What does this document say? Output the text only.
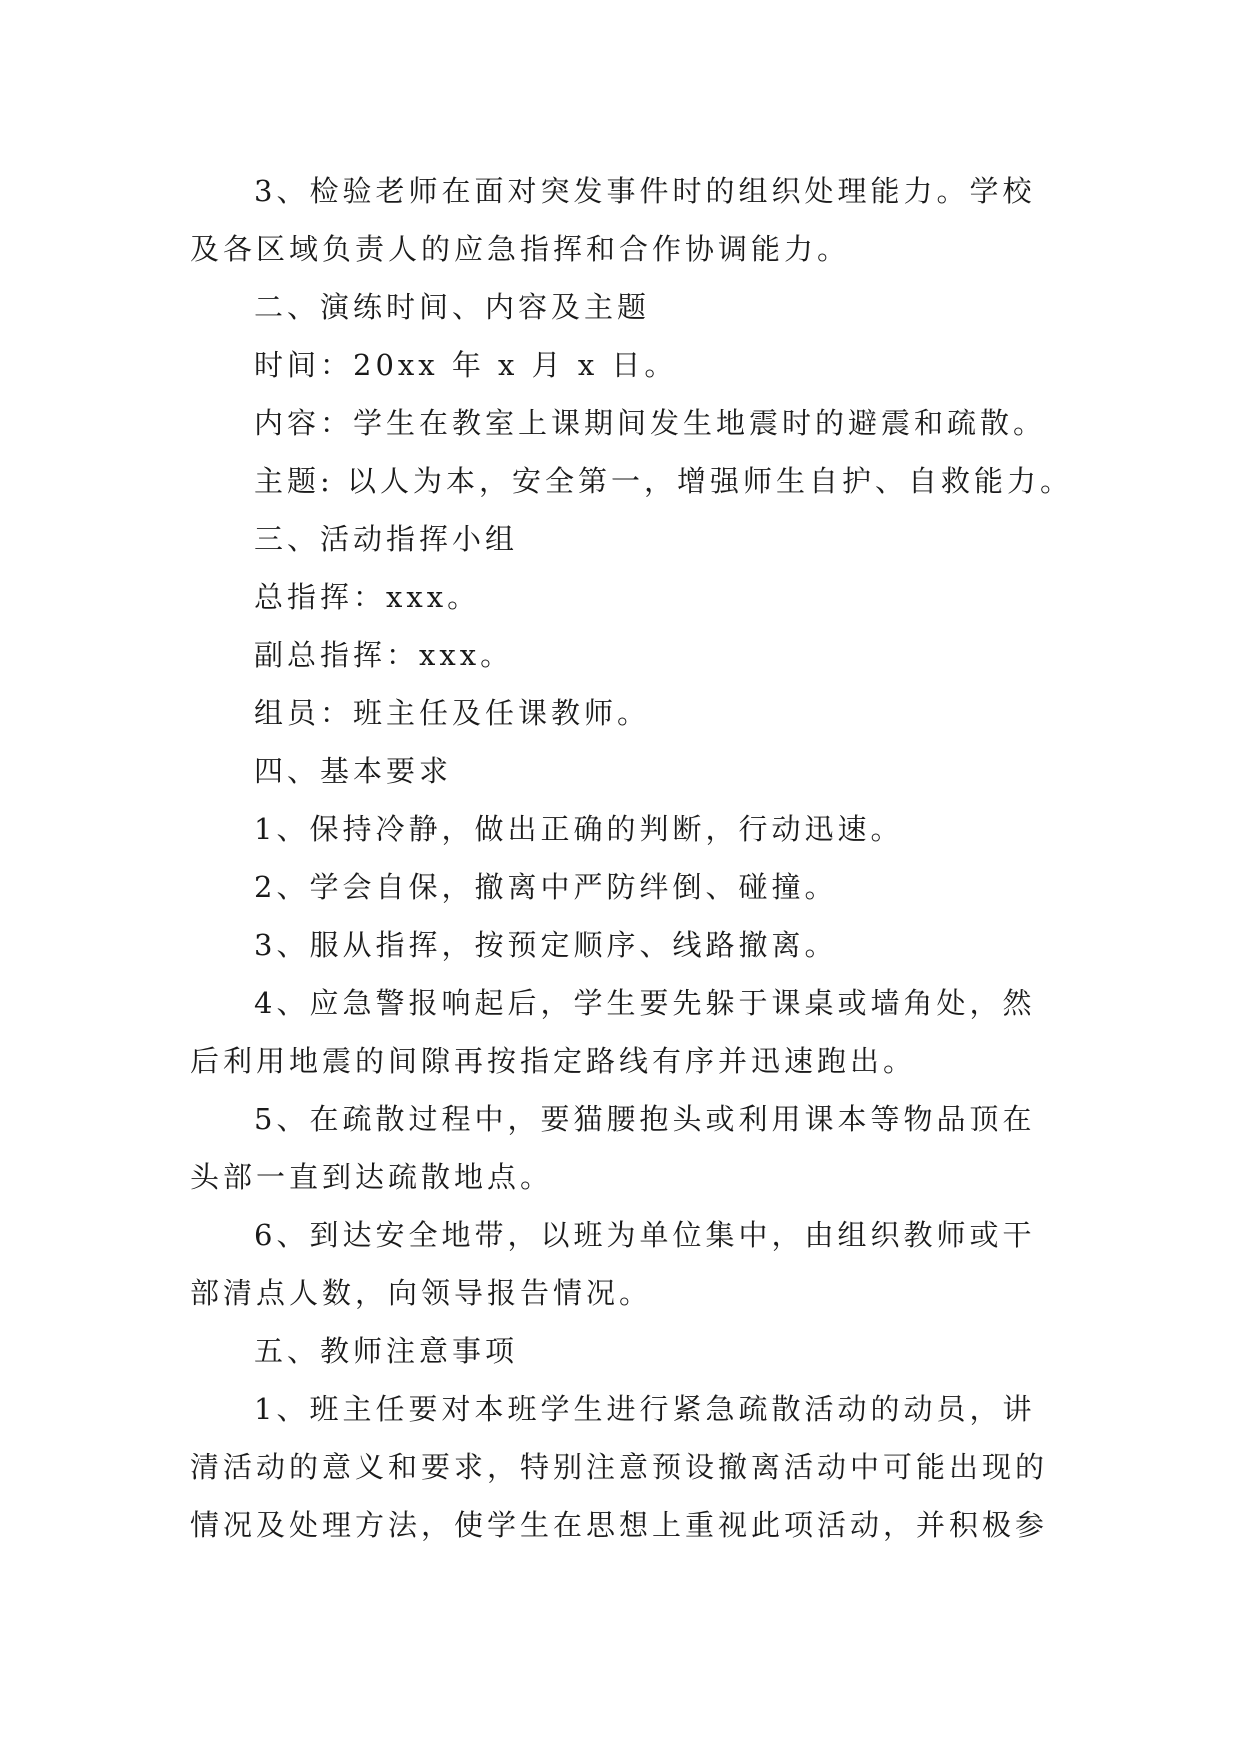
3、检验老师在面对突发事件时的组织处理能力。学校
及各区域负责人的应急指挥和合作协调能力。
二、演练时间、内容及主题
时间：20xx 年 x 月 x 日。
内容：学生在教室上课期间发生地震时的避震和疏散。
主题: 以人为本，安全第一，增强师生自护、自救能力。
三、活动指挥小组
总指挥：xxx。
副总指挥：xxx。
组员：班主任及任课教师。
四、基本要求
1、保持冷静，做出正确的判断，行动迅速。
2、学会自保，撤离中严防绊倒、碰撞。
3、服从指挥，按预定顺序、线路撤离。
4、应急警报响起后，学生要先躲于课桌或墙角处，然
后利用地震的间隙再按指定路线有序并迅速跑出。
5、在疏散过程中，要猫腰抱头或利用课本等物品顶在
头部一直到达疏散地点。
6、到达安全地带，以班为单位集中，由组织教师或干
部清点人数，向领导报告情况。
五、教师注意事项
1、班主任要对本班学生进行紧急疏散活动的动员，讲
清活动的意义和要求，特别注意预设撤离活动中可能出现的
情况及处理方法，使学生在思想上重视此项活动，并积极参
